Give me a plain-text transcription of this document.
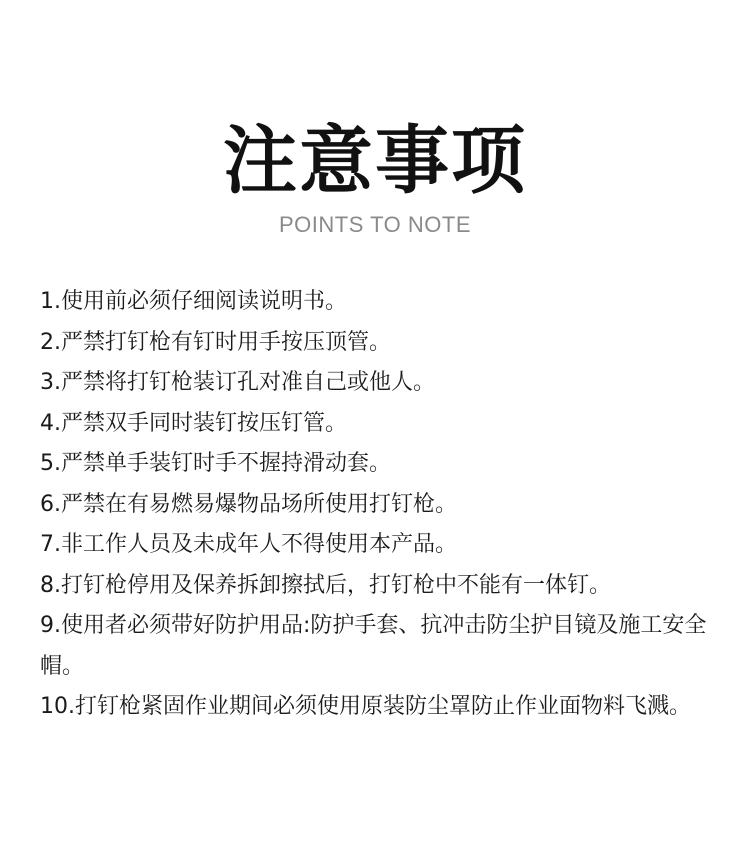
注意事项
POINTS TO NOTE
1.使用前必须仔细阅读说明书。
2.严禁打钉枪有钉时用手按压顶管。
3.严禁将打钉枪装订孔对准自己或他人。
4.严禁双手同时装钉按压钉管。
5.严禁单手装钉时手不握持滑动套。
6.严禁在有易燃易爆物品场所使用打钉枪。
7.非工作人员及未成年人不得使用本产品。
8.打钉枪停用及保养拆卸擦拭后，打钉枪中不能有一体钉。
9.使用者必须带好防护用品:防护手套、抗冲击防尘护目镜及施工安全帽。
10.打钉枪紧固作业期间必须使用原装防尘罩防止作业面物料飞溅。
